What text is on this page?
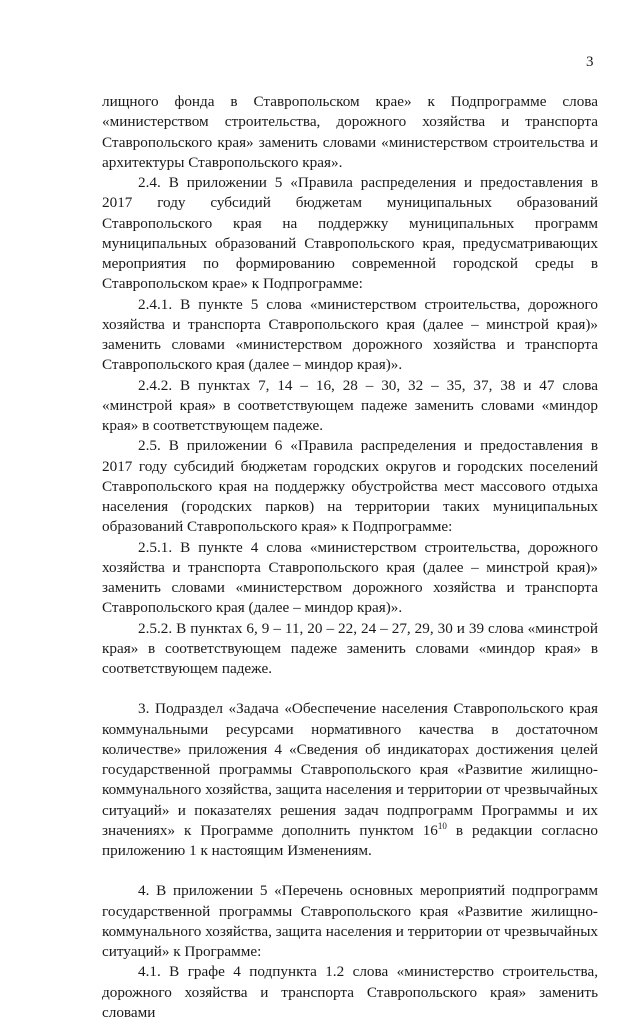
3

лищного фонда в Ставропольском крае» к Подпрограмме слова «министерством строительства, дорожного хозяйства и транспорта Ставропольского края» заменить словами «министерством строительства и архитектуры Ставропольского края».

2.4. В приложении 5 «Правила распределения и предоставления в 2017 году субсидий бюджетам муниципальных образований Ставропольского края на поддержку муниципальных программ муниципальных образований Ставропольского края, предусматривающих мероприятия по формированию современной городской среды в Ставропольском крае» к Подпрограмме:

2.4.1. В пункте 5 слова «министерством строительства, дорожного хозяйства и транспорта Ставропольского края (далее – минстрой края)» заменить словами «министерством дорожного хозяйства и транспорта Ставропольского края (далее – миндор края)».

2.4.2. В пунктах 7, 14 – 16, 28 – 30, 32 – 35, 37, 38 и 47 слова «минстрой края» в соответствующем падеже заменить словами «миндор края» в соответствующем падеже.

2.5. В приложении 6 «Правила распределения и предоставления в 2017 году субсидий бюджетам городских округов и городских поселений Ставропольского края на поддержку обустройства мест массового отдыха населения (городских парков) на территории таких муниципальных образований Ставропольского края» к Подпрограмме:

2.5.1. В пункте 4 слова «министерством строительства, дорожного хозяйства и транспорта Ставропольского края (далее – минстрой края)» заменить словами «министерством дорожного хозяйства и транспорта Ставропольского края (далее – миндор края)».

2.5.2. В пунктах 6, 9 – 11, 20 – 22, 24 – 27, 29, 30 и 39 слова «минстрой края» в соответствующем падеже заменить словами «миндор края» в соответствующем падеже.

3. Подраздел «Задача «Обеспечение населения Ставропольского края коммунальными ресурсами нормативного качества в достаточном количестве» приложения 4 «Сведения об индикаторах достижения целей государственной программы Ставропольского края «Развитие жилищно-коммунального хозяйства, защита населения и территории от чрезвычайных ситуаций» и показателях решения задач подпрограмм Программы и их значениях» к Программе дополнить пунктом $16^{10}$ в редакции согласно приложению 1 к настоящим Изменениям.

4. В приложении 5 «Перечень основных мероприятий подпрограмм государственной программы Ставропольского края «Развитие жилищно-коммунального хозяйства, защита населения и территории от чрезвычайных ситуаций» к Программе:

4.1. В графе 4 подпункта 1.2 слова «министерство строительства, дорожного хозяйства и транспорта Ставропольского края» заменить словами
